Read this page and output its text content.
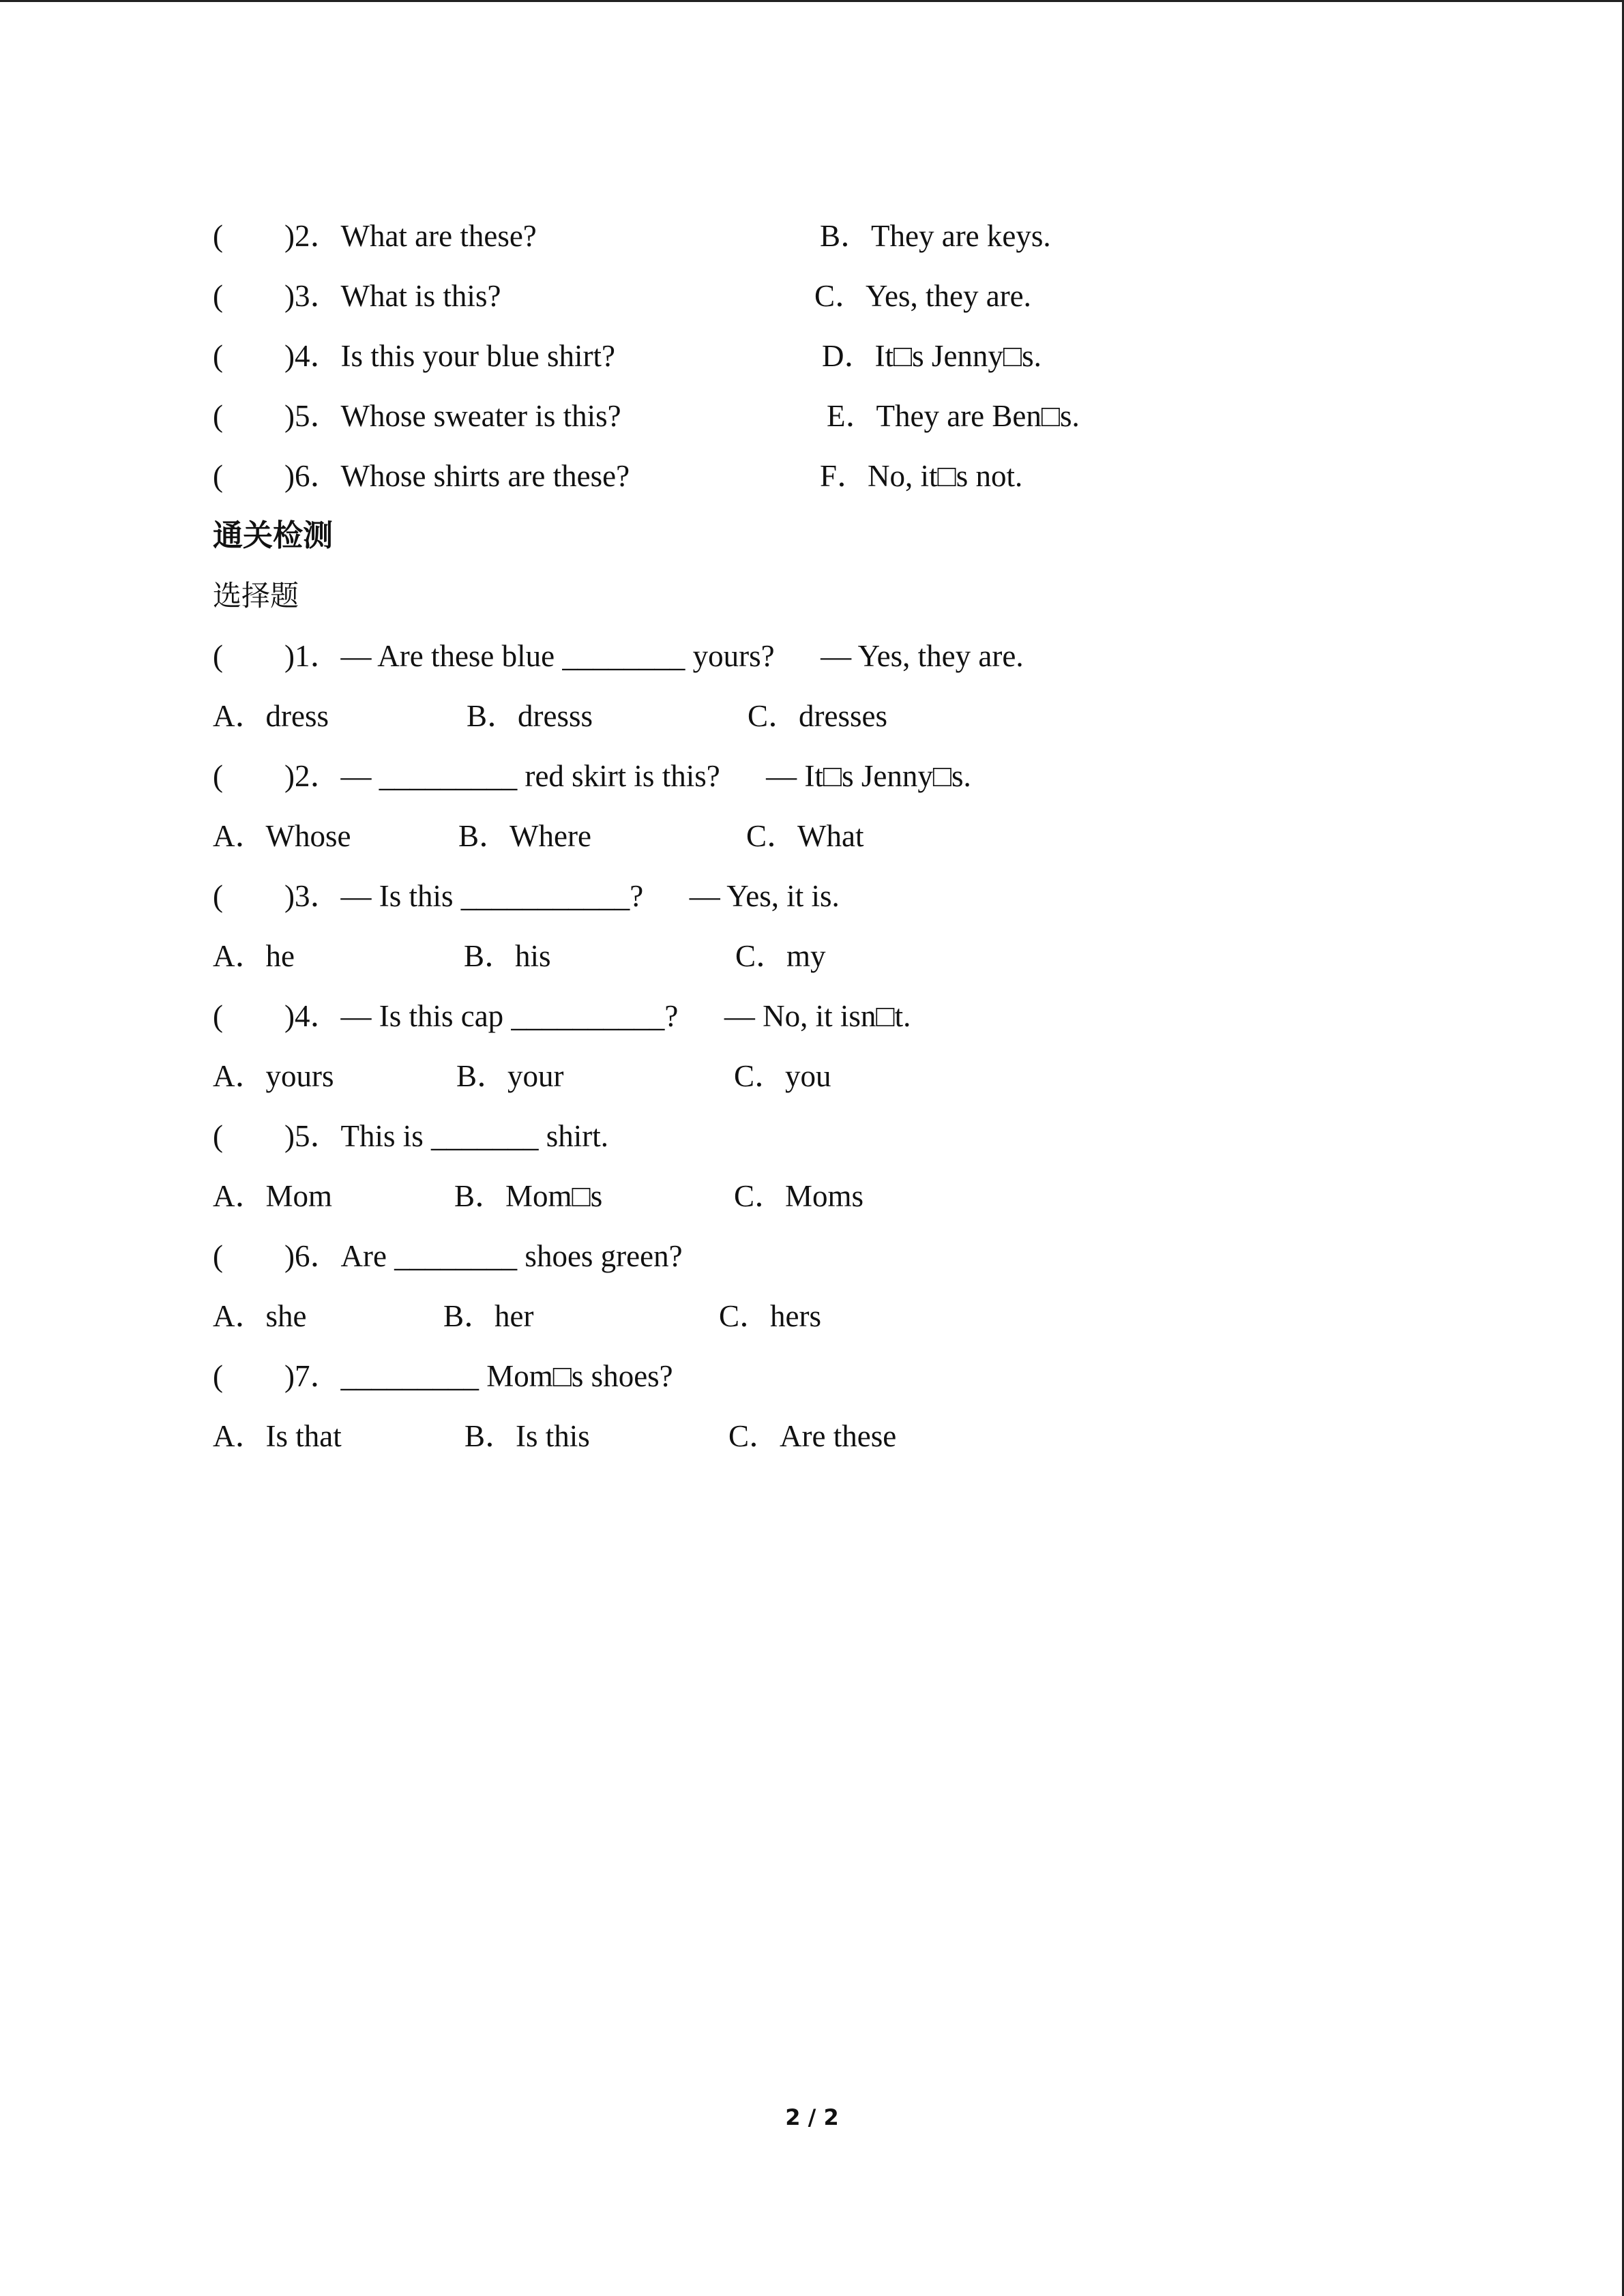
(        )2．What are these?	B．They are keys.
(        )3．What is this?	C．Yes, they are.
(        )4．Is this your blue shirt?	D．It□s Jenny□s.
(        )5．Whose sweater is this?	E．They are Ben□s.
(        )6．Whose shirts are these?	F．No, it□s not.
通关检测
选择题
(        )1．— Are these blue ________ yours?      — Yes, they are.
A．dress	B．dresss	C．dresses
(        )2．— _________ red skirt is this?      — It□s Jenny□s.
A．Whose	B．Where	C．What
(        )3．— Is this ___________?      — Yes, it is.
A．he	B．his	C．my
(        )4．— Is this cap __________?      — No, it isn□t.
A．yours	B．your	C．you
(        )5．This is _______ shirt.
A．Mom	B．Mom□s	C．Moms
(        )6．Are ________ shoes green?
A．she	B．her	C．hers
(        )7．_________ Mom□s shoes?
A．Is that	B．Is this	C．Are these
2 / 2
